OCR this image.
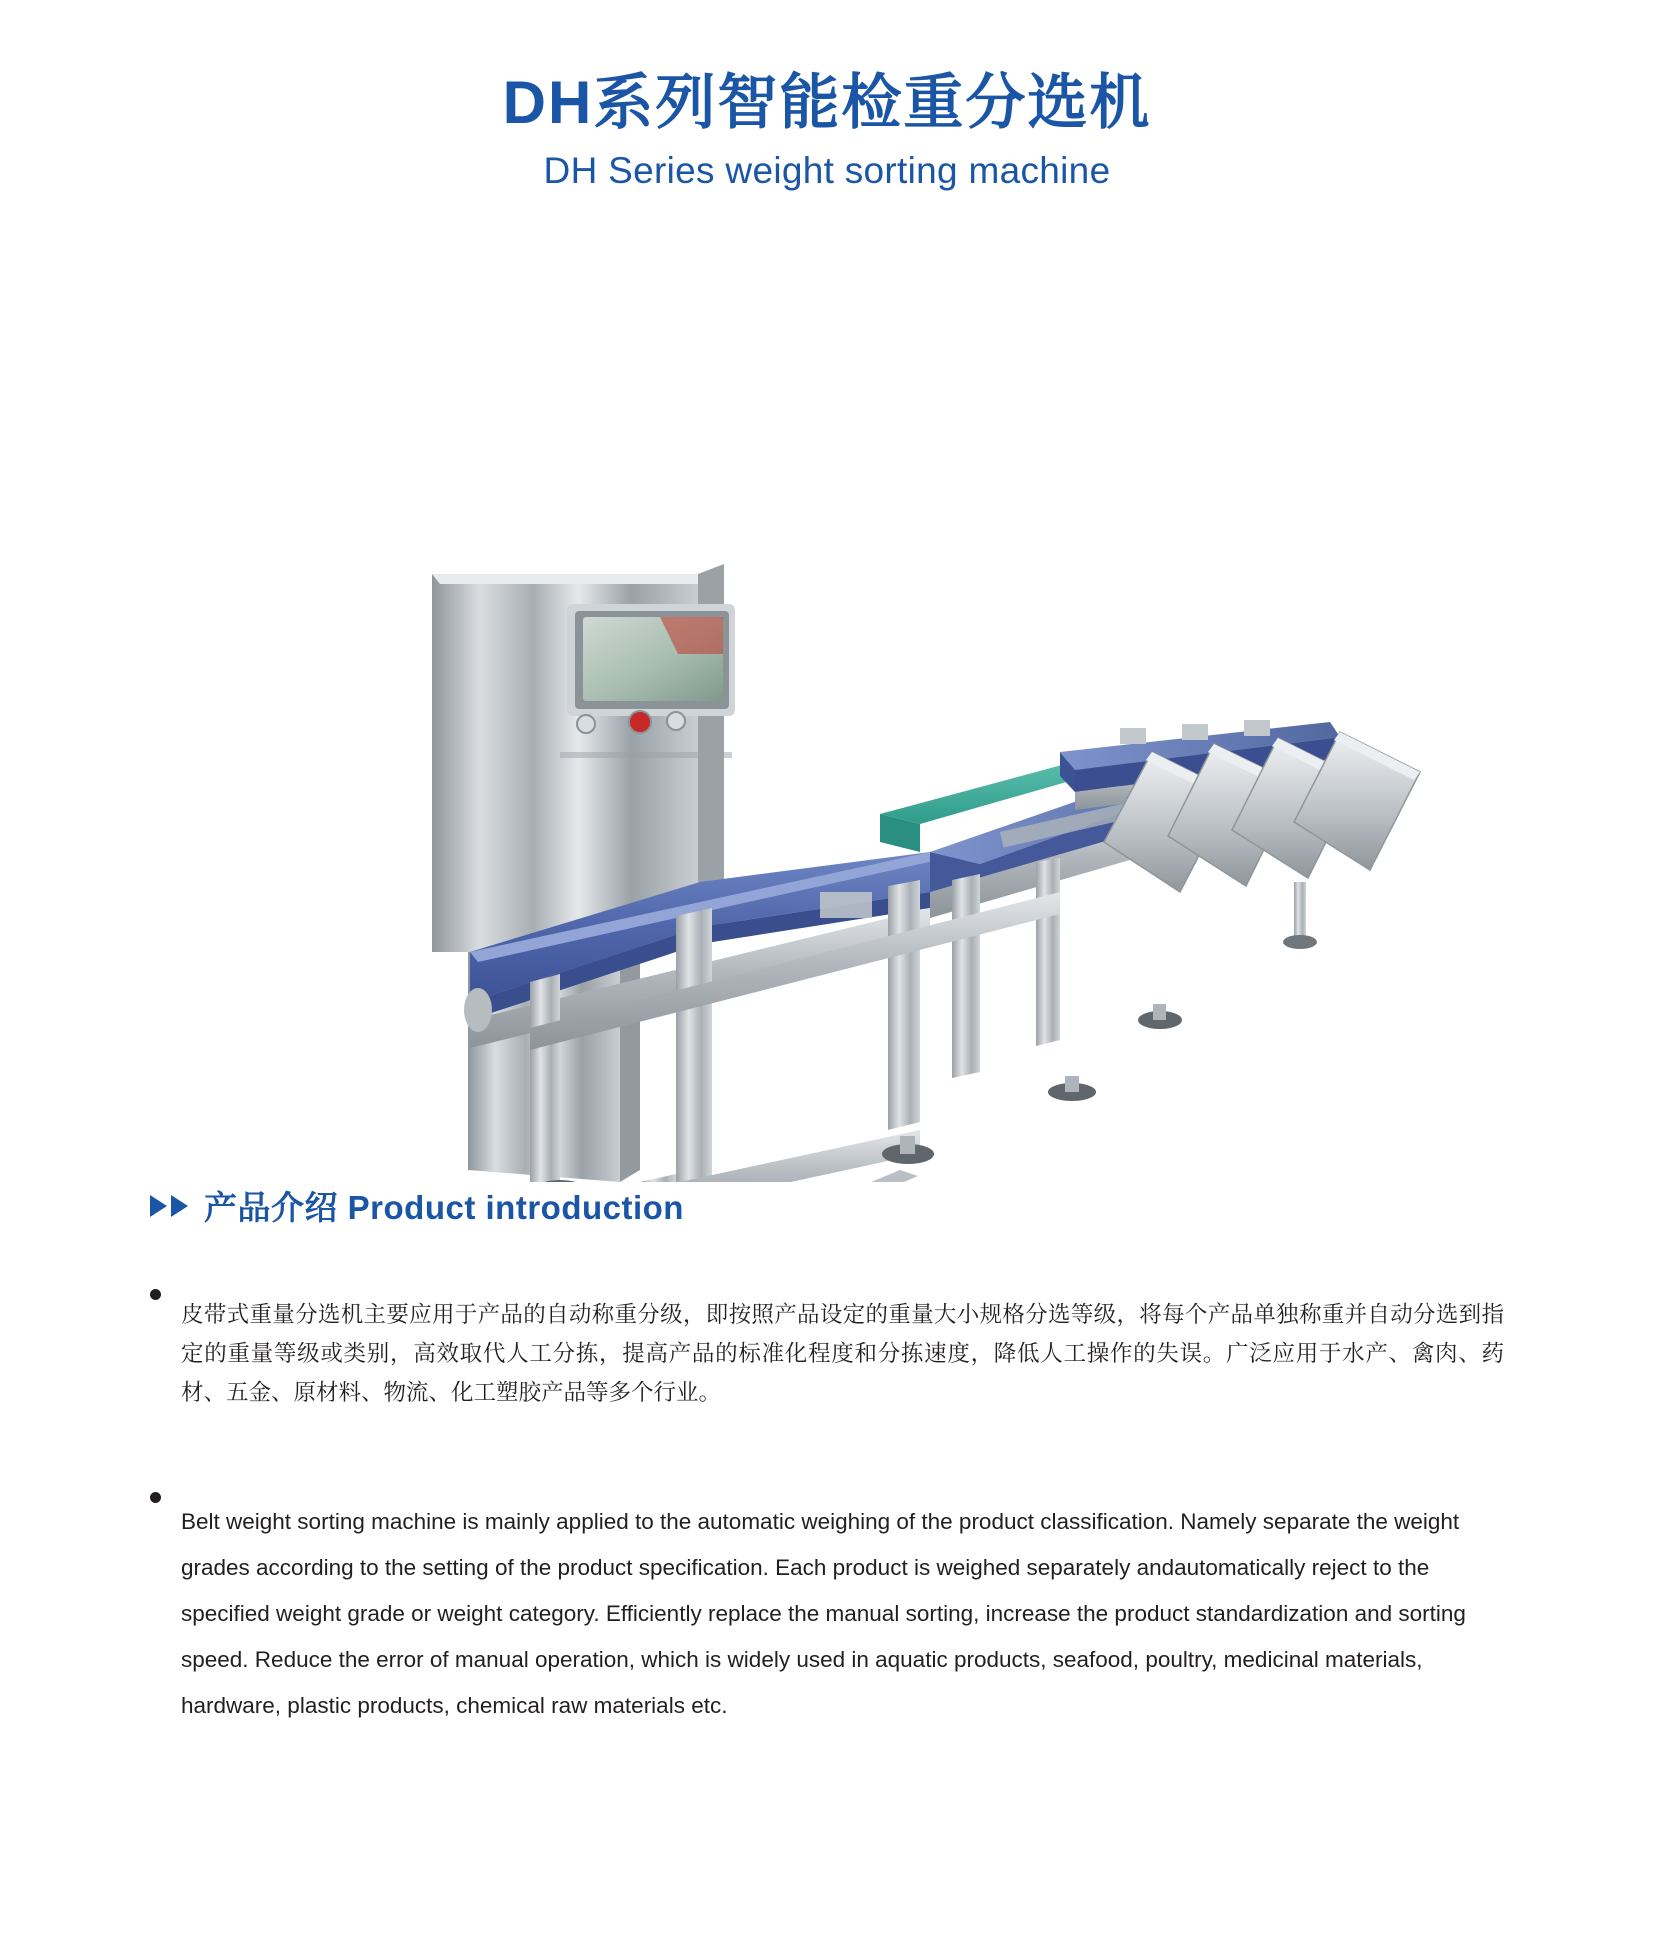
DH系列智能检重分选机
DH Series weight sorting machine
产品介绍 Product introduction

皮带式重量分选机主要应用于产品的自动称重分级，即按照产品设定的重量大小规格分选等级，将每个产品单独称重并自动分选到指定的重量等级或类别，高效取代人工分拣，提高产品的标准化程度和分拣速度，降低人工操作的失误。广泛应用于水产、禽肉、药材、五金、原材料、物流、化工塑胶产品等多个行业。

Belt weight sorting machine is mainly applied to the automatic weighing of the product classification. Namely separate the weight grades according to the setting of the product specification. Each product is weighed separately andautomatically reject to the specified weight grade or weight category. Efficiently replace the manual sorting, increase the product standardization and sorting speed. Reduce the error of manual operation, which is widely used in aquatic products, seafood, poultry, medicinal materials, hardware, plastic products, chemical raw materials etc.
